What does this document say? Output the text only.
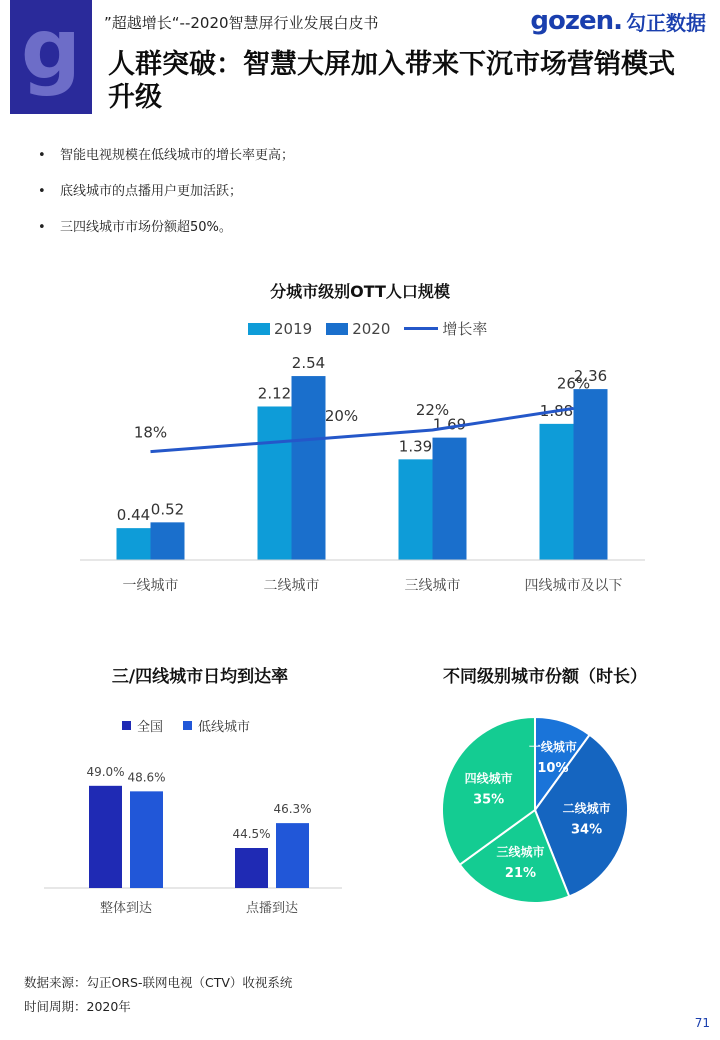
g ”超越增长“--2020智慧屏行业发展白皮书	gozen. 勾正数据
人群突破：智慧大屏加入带来下沉市场营销模式升级
• 智能电视规模在低线城市的增长率更高；
• 底线城市的点播用户更加活跃；
• 三四线城市市场份额超50%。
分城市级别OTT人口规模
2019	2020	增长率
0.44 0.52
一线城市
2.12
2.54
二线城市
1.39
1.69
三线城市
1.88
2.36
四线城市及以下
18%
20%	22%
26%
三/四线城市日均到达率
全国	低线城市
49.0% 48.6%
整体到达
44.5%
46.3%
点播到达
不同级别城市份额（时长）
一线城市
10%
二线城市
34%
三线城市
21%
四线城市
35%
数据来源：勾正ORS-联网电视（CTV）收视系统
时间周期：2020年
71
